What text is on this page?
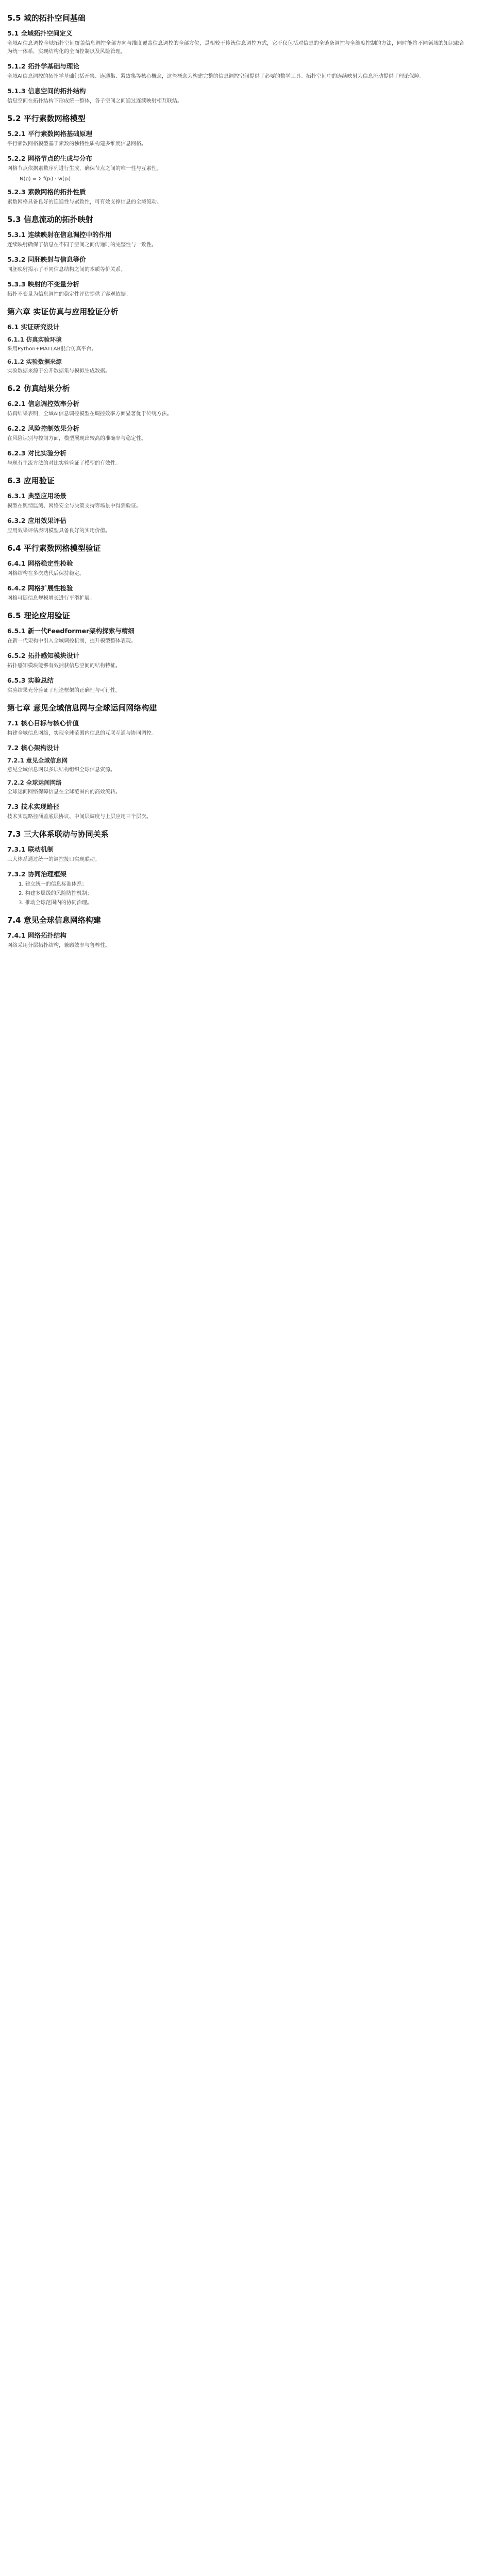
5.5 域的拓扑空间基础
5.1 全域拓扑空间定义
全域AI信息调控全域拓扑空间覆盖信息调控全部方向与维度覆盖信息调控的全部方位，是相较于传统信息调控方式，它不仅包括对信息的全链条调控与全维度控制的方法，同时能将不同领域的知识融合为统一体系，实现结构化的全面控制以及风险管理。
5.1.2 拓扑学基础与理论
全域AI信息调控的拓扑学基础包括开集、连通集、紧致集等核心概念，这些概念为构建完整的信息调控空间提供了必要的数学工具。拓扑空间中的连续映射为信息流动提供了理论保障。
5.1.3 信息空间的拓扑结构
信息空间在拓扑结构下形成统一整体，各子空间之间通过连续映射相互联结。
5.2 平行素数网格模型
5.2.1 平行素数网格基础原理
平行素数网格模型基于素数的独特性质构建多维度信息网格。
5.2.2 网格节点的生成与分布
网格节点依据素数序列进行生成，确保节点之间的唯一性与互素性。
N(p) = Σ f(pᵢ) · w(pᵢ)
5.2.3 素数网格的拓扑性质
素数网格具备良好的连通性与紧致性，可有效支撑信息的全域流动。
5.3 信息流动的拓扑映射
5.3.1 连续映射在信息调控中的作用
连续映射确保了信息在不同子空间之间传递时的完整性与一致性。
5.3.2 同胚映射与信息等价
同胚映射揭示了不同信息结构之间的本质等价关系。
5.3.3 映射的不变量分析
拓扑不变量为信息调控的稳定性评估提供了客观依据。
第六章 实证仿真与应用验证分析
6.1 实证研究设计
6.1.1 仿真实验环境
采用Python+MATLAB混合仿真平台。
6.1.2 实验数据来源
实验数据来源于公开数据集与模拟生成数据。
6.2 仿真结果分析
6.2.1 信息调控效率分析
仿真结果表明，全域AI信息调控模型在调控效率方面显著优于传统方法。
6.2.2 风险控制效果分析
在风险识别与控制方面，模型展现出较高的准确率与稳定性。
6.2.3 对比实验分析
与现有主流方法的对比实验验证了模型的有效性。
6.3 应用验证
6.3.1 典型应用场景
模型在舆情监测、网络安全与决策支持等场景中得到验证。
6.3.2 应用效果评估
应用效果评估表明模型具备良好的实用价值。
6.4 平行素数网格模型验证
6.4.1 网格稳定性检验
网格结构在多次迭代后保持稳定。
6.4.2 网格扩展性检验
网格可随信息规模增长进行平滑扩展。
6.5 理论应用验证
6.5.1 新一代Feedformer架构探索与精细
在新一代架构中引入全域调控机制，提升模型整体表现。
6.5.2 拓扑感知模块设计
拓扑感知模块能够有效捕获信息空间的结构特征。
6.5.3 实验总结
实验结果充分验证了理论框架的正确性与可行性。
第七章 意见全域信息网与全球运间网络构建
7.1 核心目标与核心价值
构建全域信息网络，实现全球范围内信息的互联互通与协同调控。
7.2 核心架构设计
7.2.1 意见全域信息网
意见全域信息网以多层结构组织全球信息资源。
7.2.2 全球运间网络
全球运间网络保障信息在全球范围内的高效流转。
7.3 技术实现路径
技术实现路径涵盖底层协议、中间层调度与上层应用三个层次。
7.3 三大体系联动与协同关系
7.3.1 联动机制
三大体系通过统一的调控接口实现联动。
7.3.2 协同治理框架
1. 建立统一的信息标准体系；
2. 构建多层级的风险防控机制；
3. 推动全球范围内的协同治理。
7.4 意见全球信息网络构建
7.4.1 网络拓扑结构
网络采用分层拓扑结构，兼顾效率与鲁棒性。
